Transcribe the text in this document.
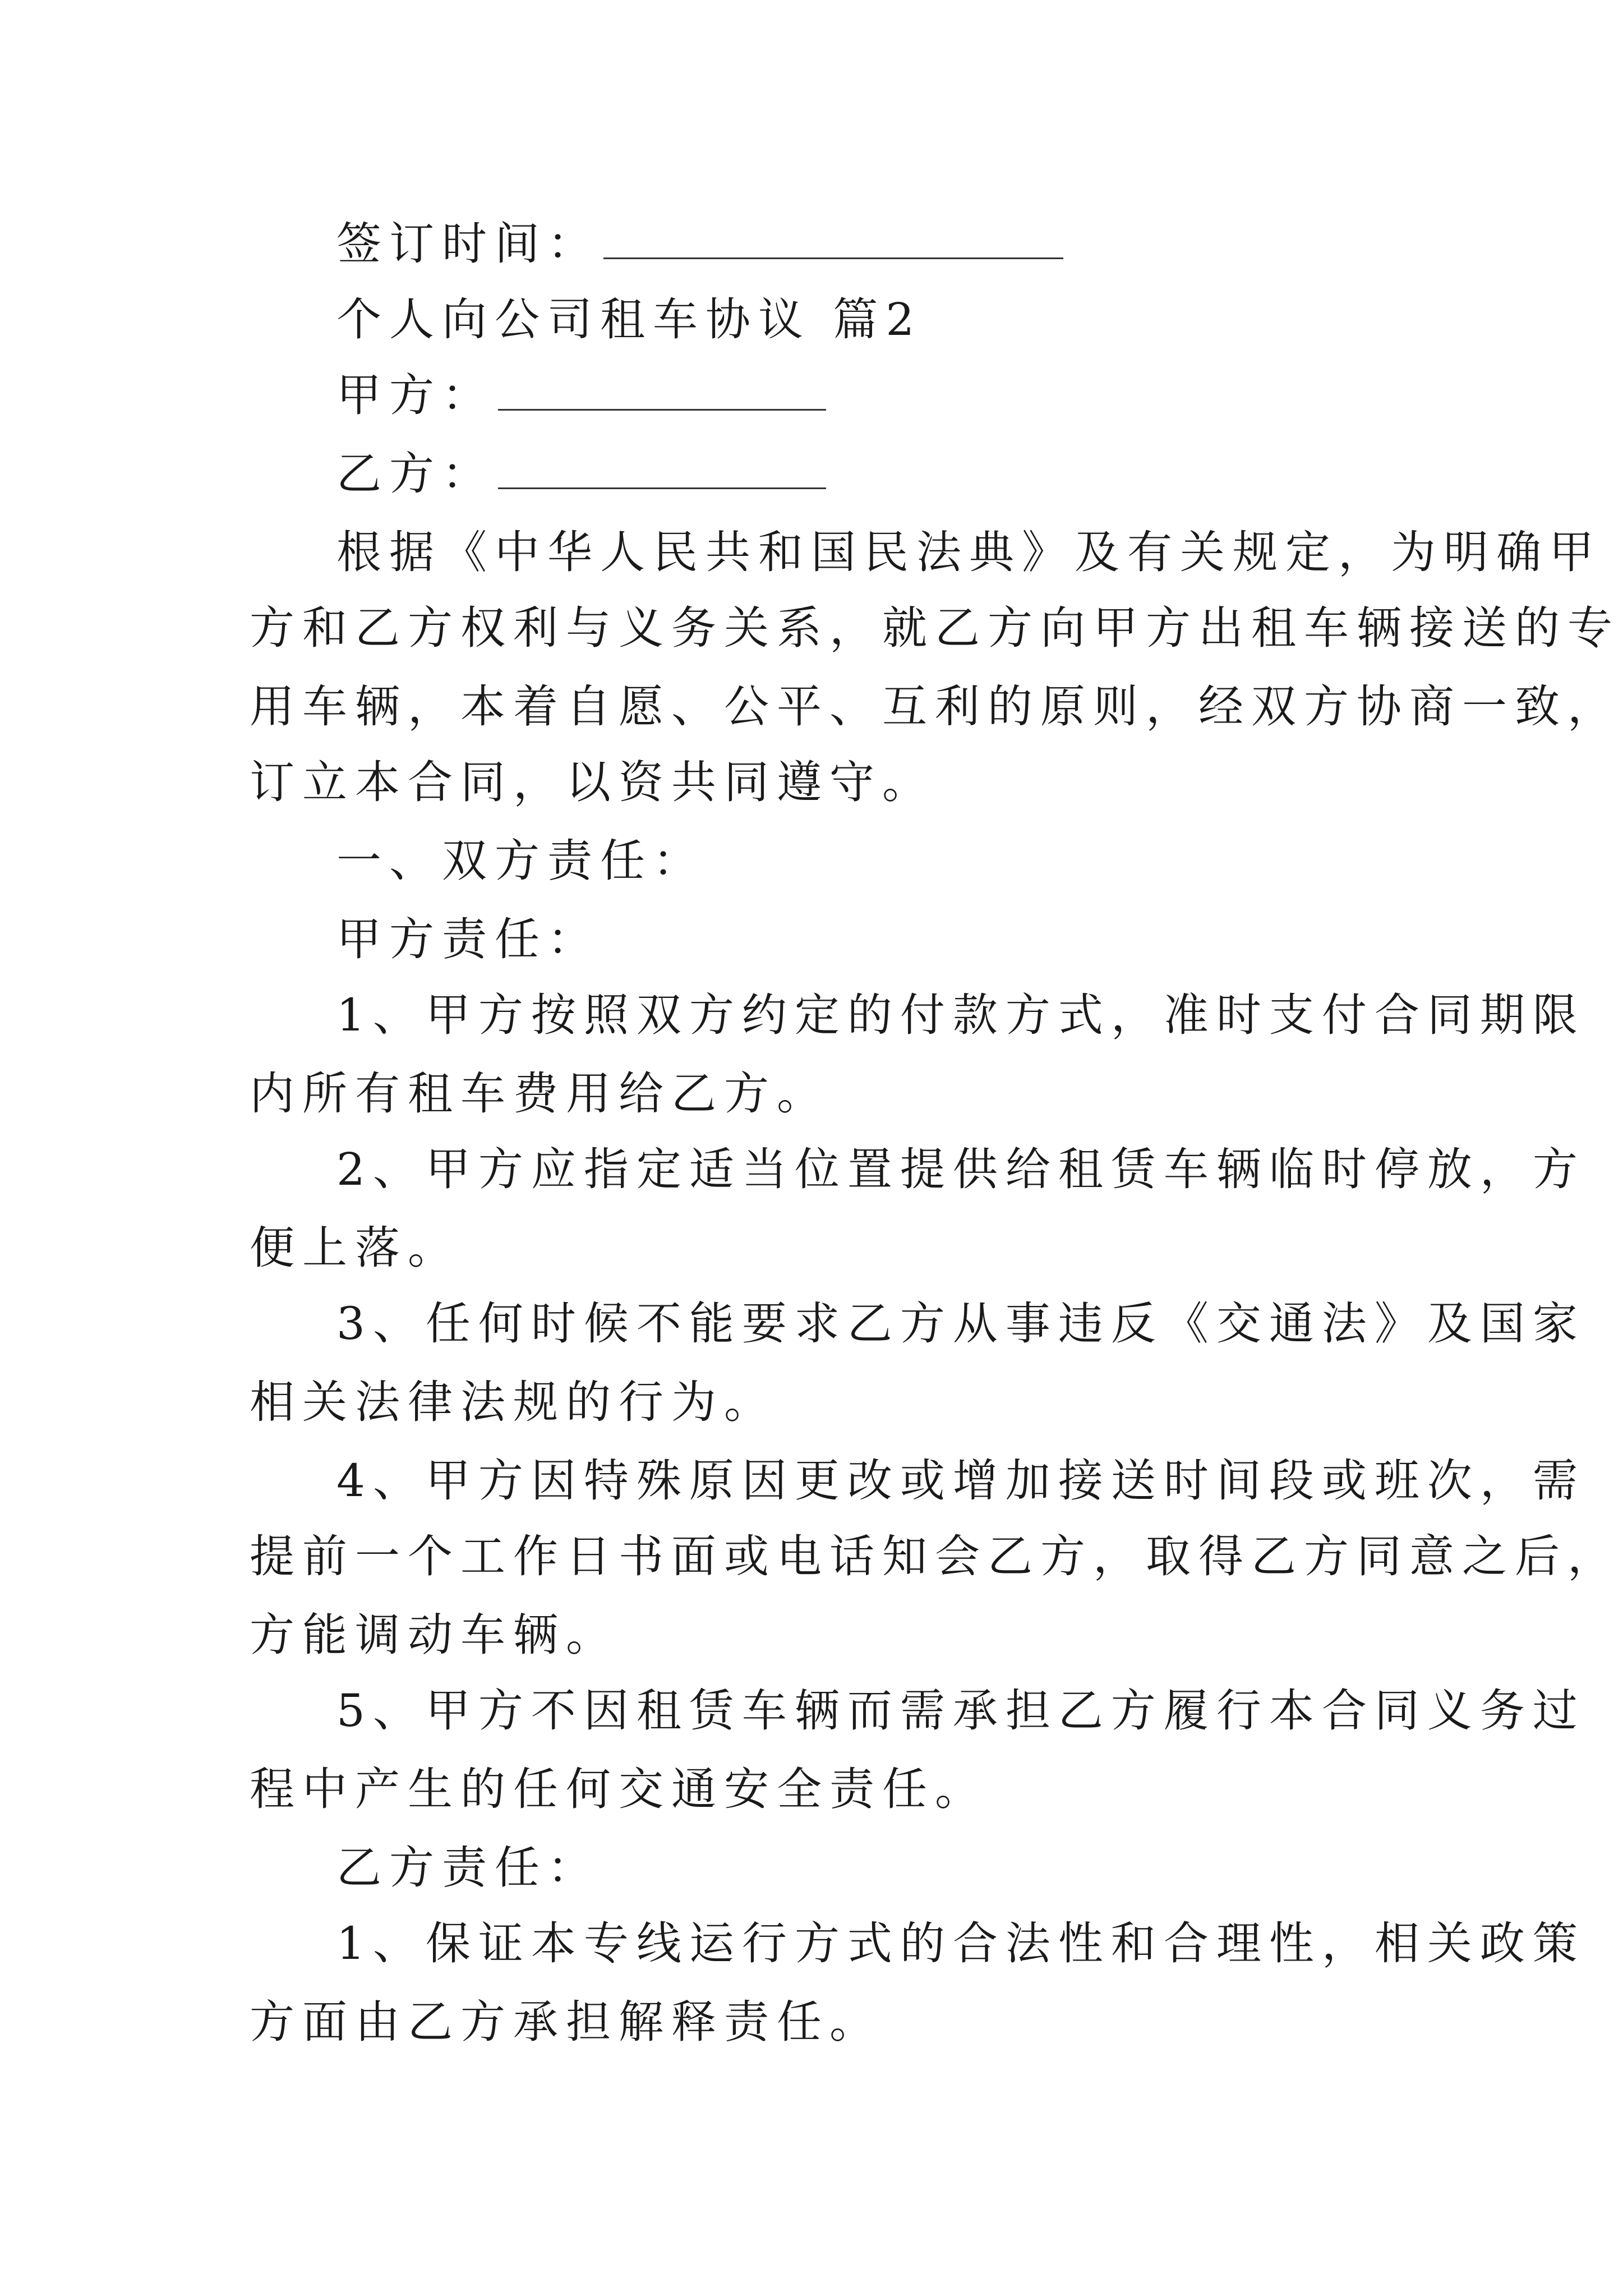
签订时间：
个人向公司租车协议 篇2
甲方：
乙方：
根据《中华人民共和国民法典》及有关规定，为明确甲
方和乙方权利与义务关系，就乙方向甲方出租车辆接送的专
用车辆，本着自愿、公平、互利的原则，经双方协商一致，
订立本合同，以资共同遵守。
一、双方责任：
甲方责任：
1、甲方按照双方约定的付款方式，准时支付合同期限
内所有租车费用给乙方。
2、甲方应指定适当位置提供给租赁车辆临时停放，方
便上落。
3、任何时候不能要求乙方从事违反《交通法》及国家
相关法律法规的行为。
4、甲方因特殊原因更改或增加接送时间段或班次，需
提前一个工作日书面或电话知会乙方，取得乙方同意之后，
方能调动车辆。
5、甲方不因租赁车辆而需承担乙方履行本合同义务过
程中产生的任何交通安全责任。
乙方责任：
1、保证本专线运行方式的合法性和合理性，相关政策
方面由乙方承担解释责任。
